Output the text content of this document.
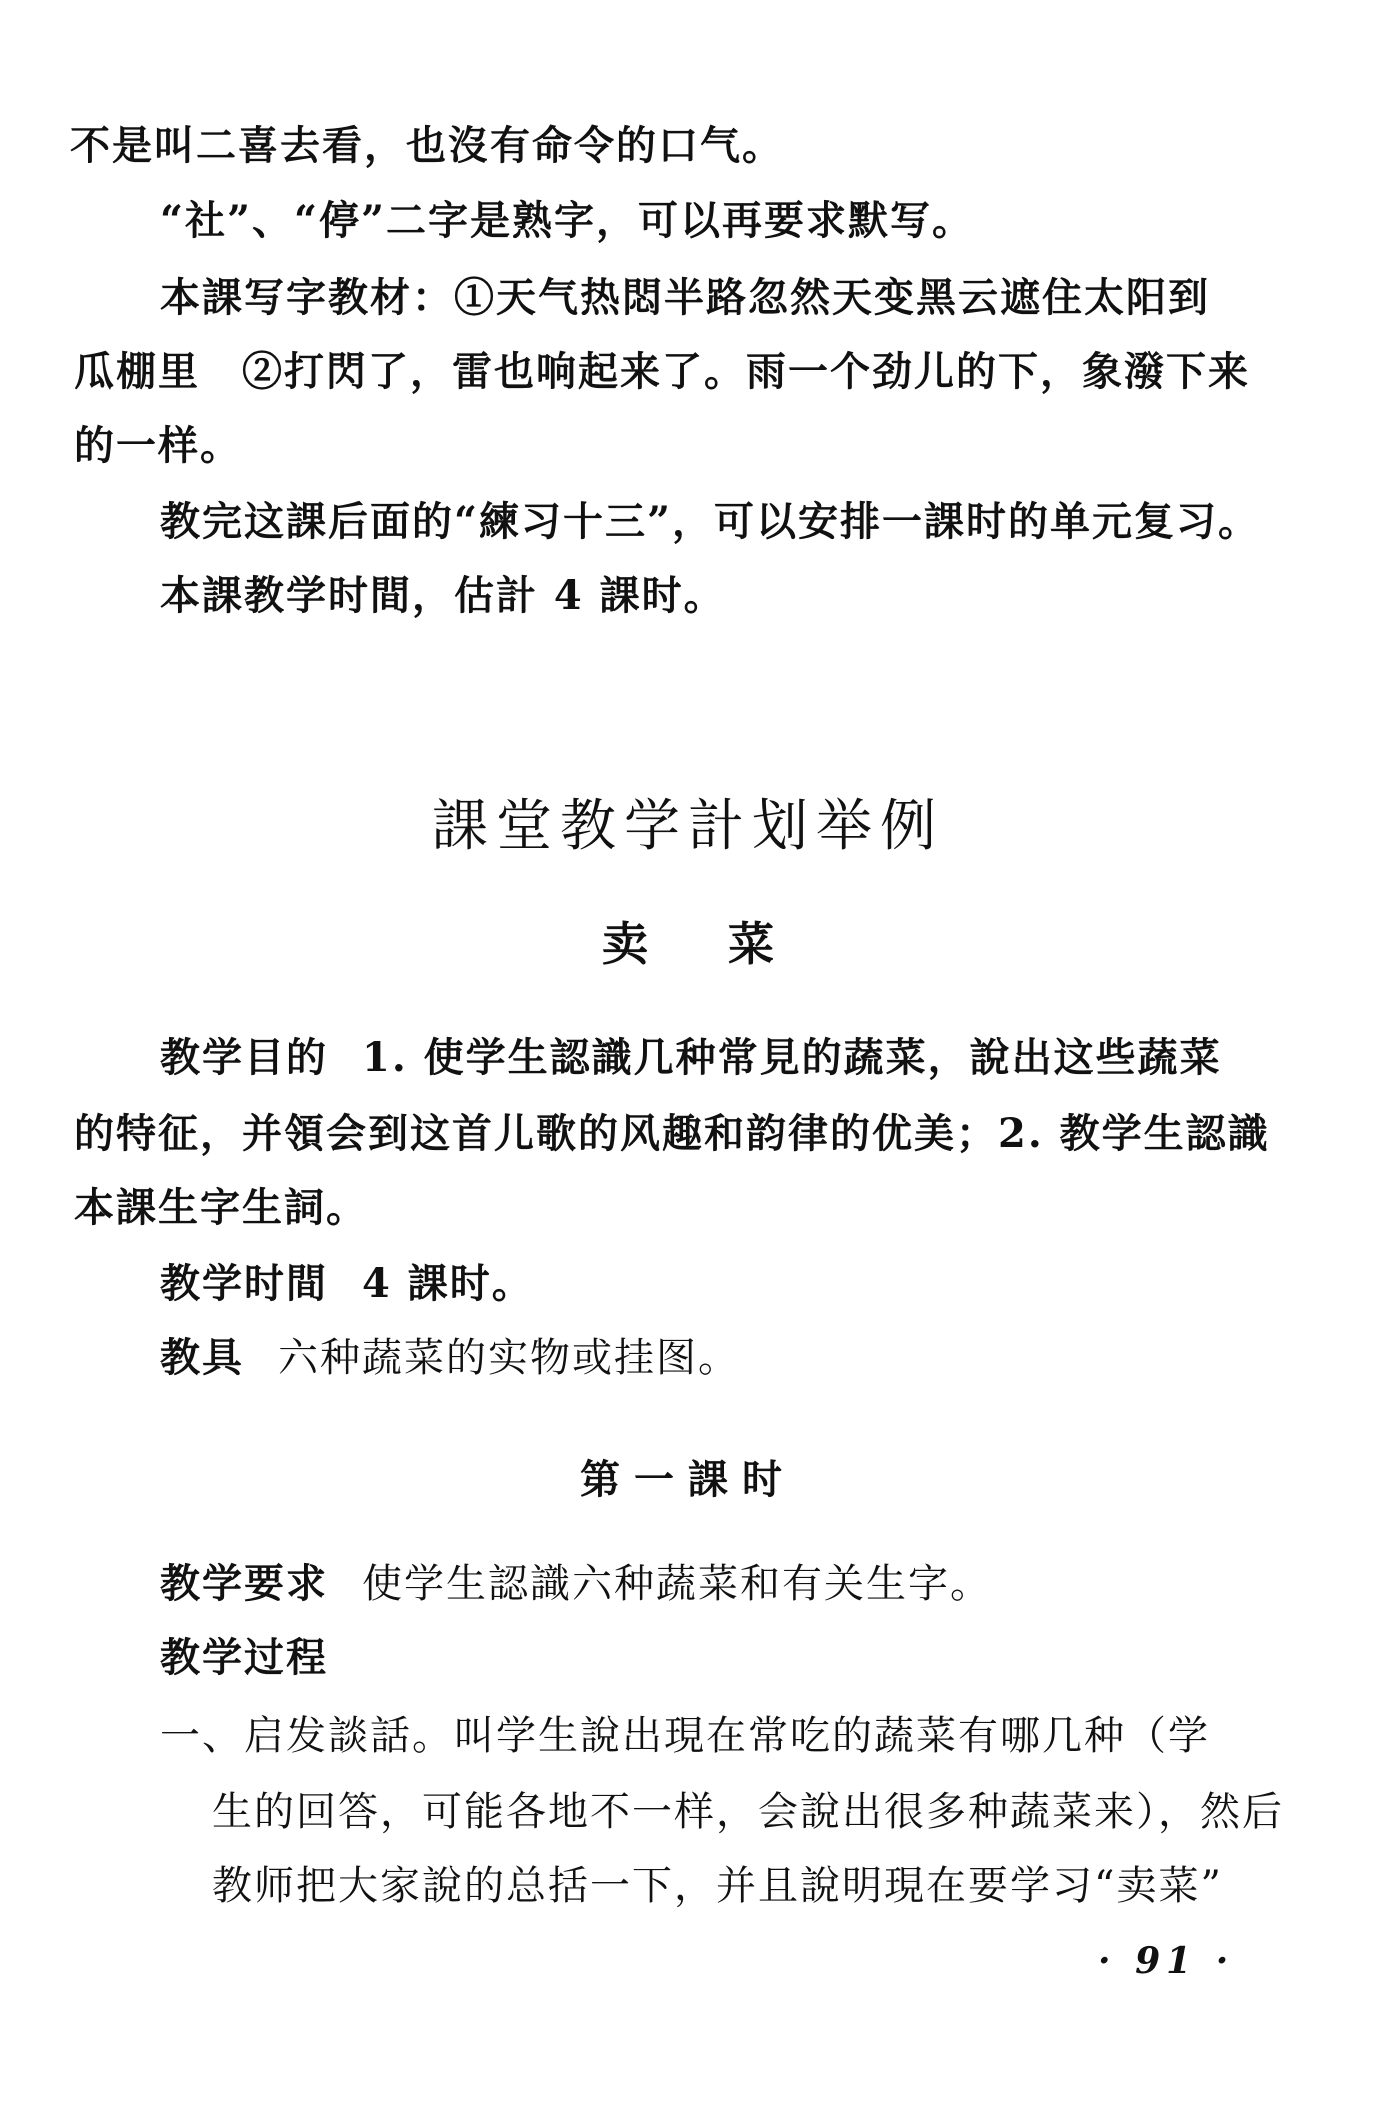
不是叫二喜去看，也沒有命令的口气。
“社”、“停”二字是熟字，可以再要求默写。
本課写字教材：①天气热悶半路忽然天变黑云遮住太阳到
瓜棚里　②打閃了，雷也响起来了。雨一个劲儿的下，象潑下来
的一样。
教完这課后面的“練习十三”，可以安排一課时的单元复习。
本課教学时間，估計 4 課时。
課堂教学計划举例
卖菜
教学目的 1. 使学生認識几种常見的蔬菜，說出这些蔬菜
的特征，并領会到这首儿歌的风趣和韵律的优美；2. 教学生認識
本課生字生詞。
教学时間 4 課时。
教具 六种蔬菜的实物或挂图。
第一課时
教学要求 使学生認識六种蔬菜和有关生字。
教学过程
一、启发談話。叫学生說出現在常吃的蔬菜有哪几种（学
生的回答，可能各地不一样，会說出很多种蔬菜来），然后
教师把大家說的总括一下，并且說明現在要学习“卖菜”
· 91 ·
